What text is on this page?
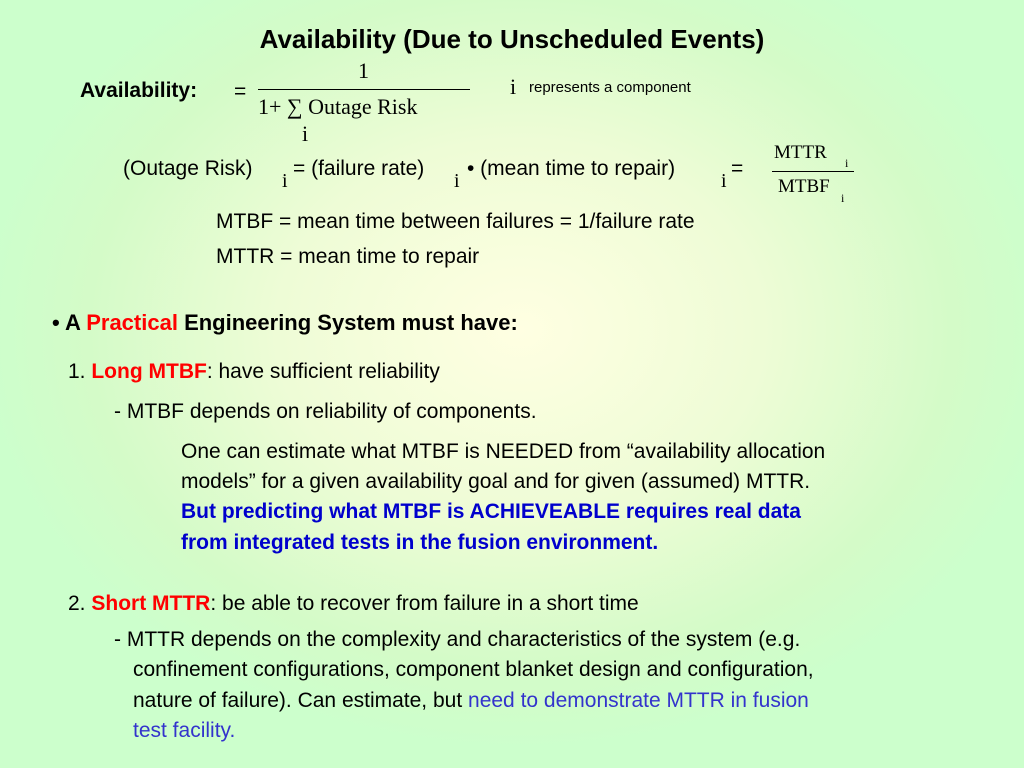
Availability (Due to Unscheduled Events)
Availability: =
1
1+ ∑ Outage Risk
i
i represents a component
(Outage Risk)
i
= (failure rate)
i
• (mean time to repair)
i
=
MTTR i
MTBF
i
MTBF = mean time between failures = 1/failure rate
MTTR = mean time to repair
• A Practical Engineering System must have:
1. Long MTBF: have sufficient reliability
- MTBF depends on reliability of components.
One can estimate what MTBF is NEEDED from “availability allocation
models” for a given availability goal and for given (assumed) MTTR.
But predicting what MTBF is ACHIEVEABLE requires real data
from integrated tests in the fusion environment.
2. Short MTTR: be able to recover from failure in a short time
- MTTR depends on the complexity and characteristics of the system (e.g.
confinement configurations, component blanket design and configuration,
nature of failure). Can estimate, but need to demonstrate MTTR in fusion
test facility.
